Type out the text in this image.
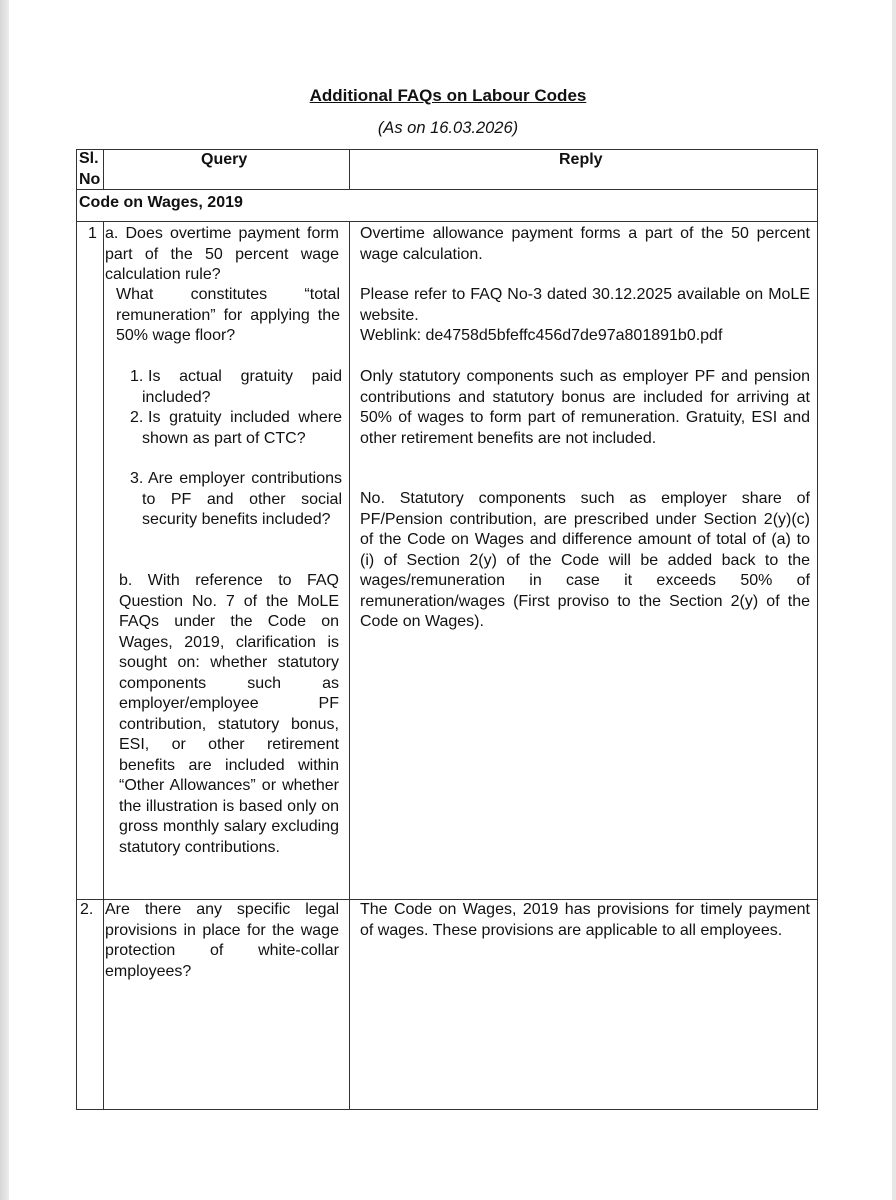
Additional FAQs on Labour Codes
(As on 16.03.2026)
Sl.
No
Query	Reply
Code on Wages, 2019
1 a. Does overtime payment form part of the 50 percent wage calculation rule?
What constitutes “total remuneration” for applying the 50% wage floor?
1. Is actual gratuity paid included?
2. Is gratuity included where shown as part of CTC?
3. Are employer contributions to PF and other social security benefits included?
b. With reference to FAQ Question No. 7 of the MoLE FAQs under the Code on Wages, 2019, clarification is sought on: whether statutory components such as employer/employee PF contribution, statutory bonus, ESI, or other retirement benefits are included within “Other Allowances” or whether the illustration is based only on gross monthly salary excluding statutory contributions.
Overtime allowance payment forms a part of the 50 percent wage calculation.
Please refer to FAQ No-3 dated 30.12.2025 available on MoLE website.
Weblink: de4758d5bfeffc456d7de97a801891b0.pdf
Only statutory components such as employer PF and pension contributions and statutory bonus are included for arriving at 50% of wages to form part of remuneration. Gratuity, ESI and other retirement benefits are not included.
No. Statutory components such as employer share of PF/Pension contribution, are prescribed under Section 2(y)(c) of the Code on Wages and difference amount of total of (a) to (i) of Section 2(y) of the Code will be added back to the wages/remuneration in case it exceeds 50% of remuneration/wages (First proviso to the Section 2(y) of the Code on Wages).
2. Are there any specific legal provisions in place for the wage protection of white-collar employees?
The Code on Wages, 2019 has provisions for timely payment of wages. These provisions are applicable to all employees.
